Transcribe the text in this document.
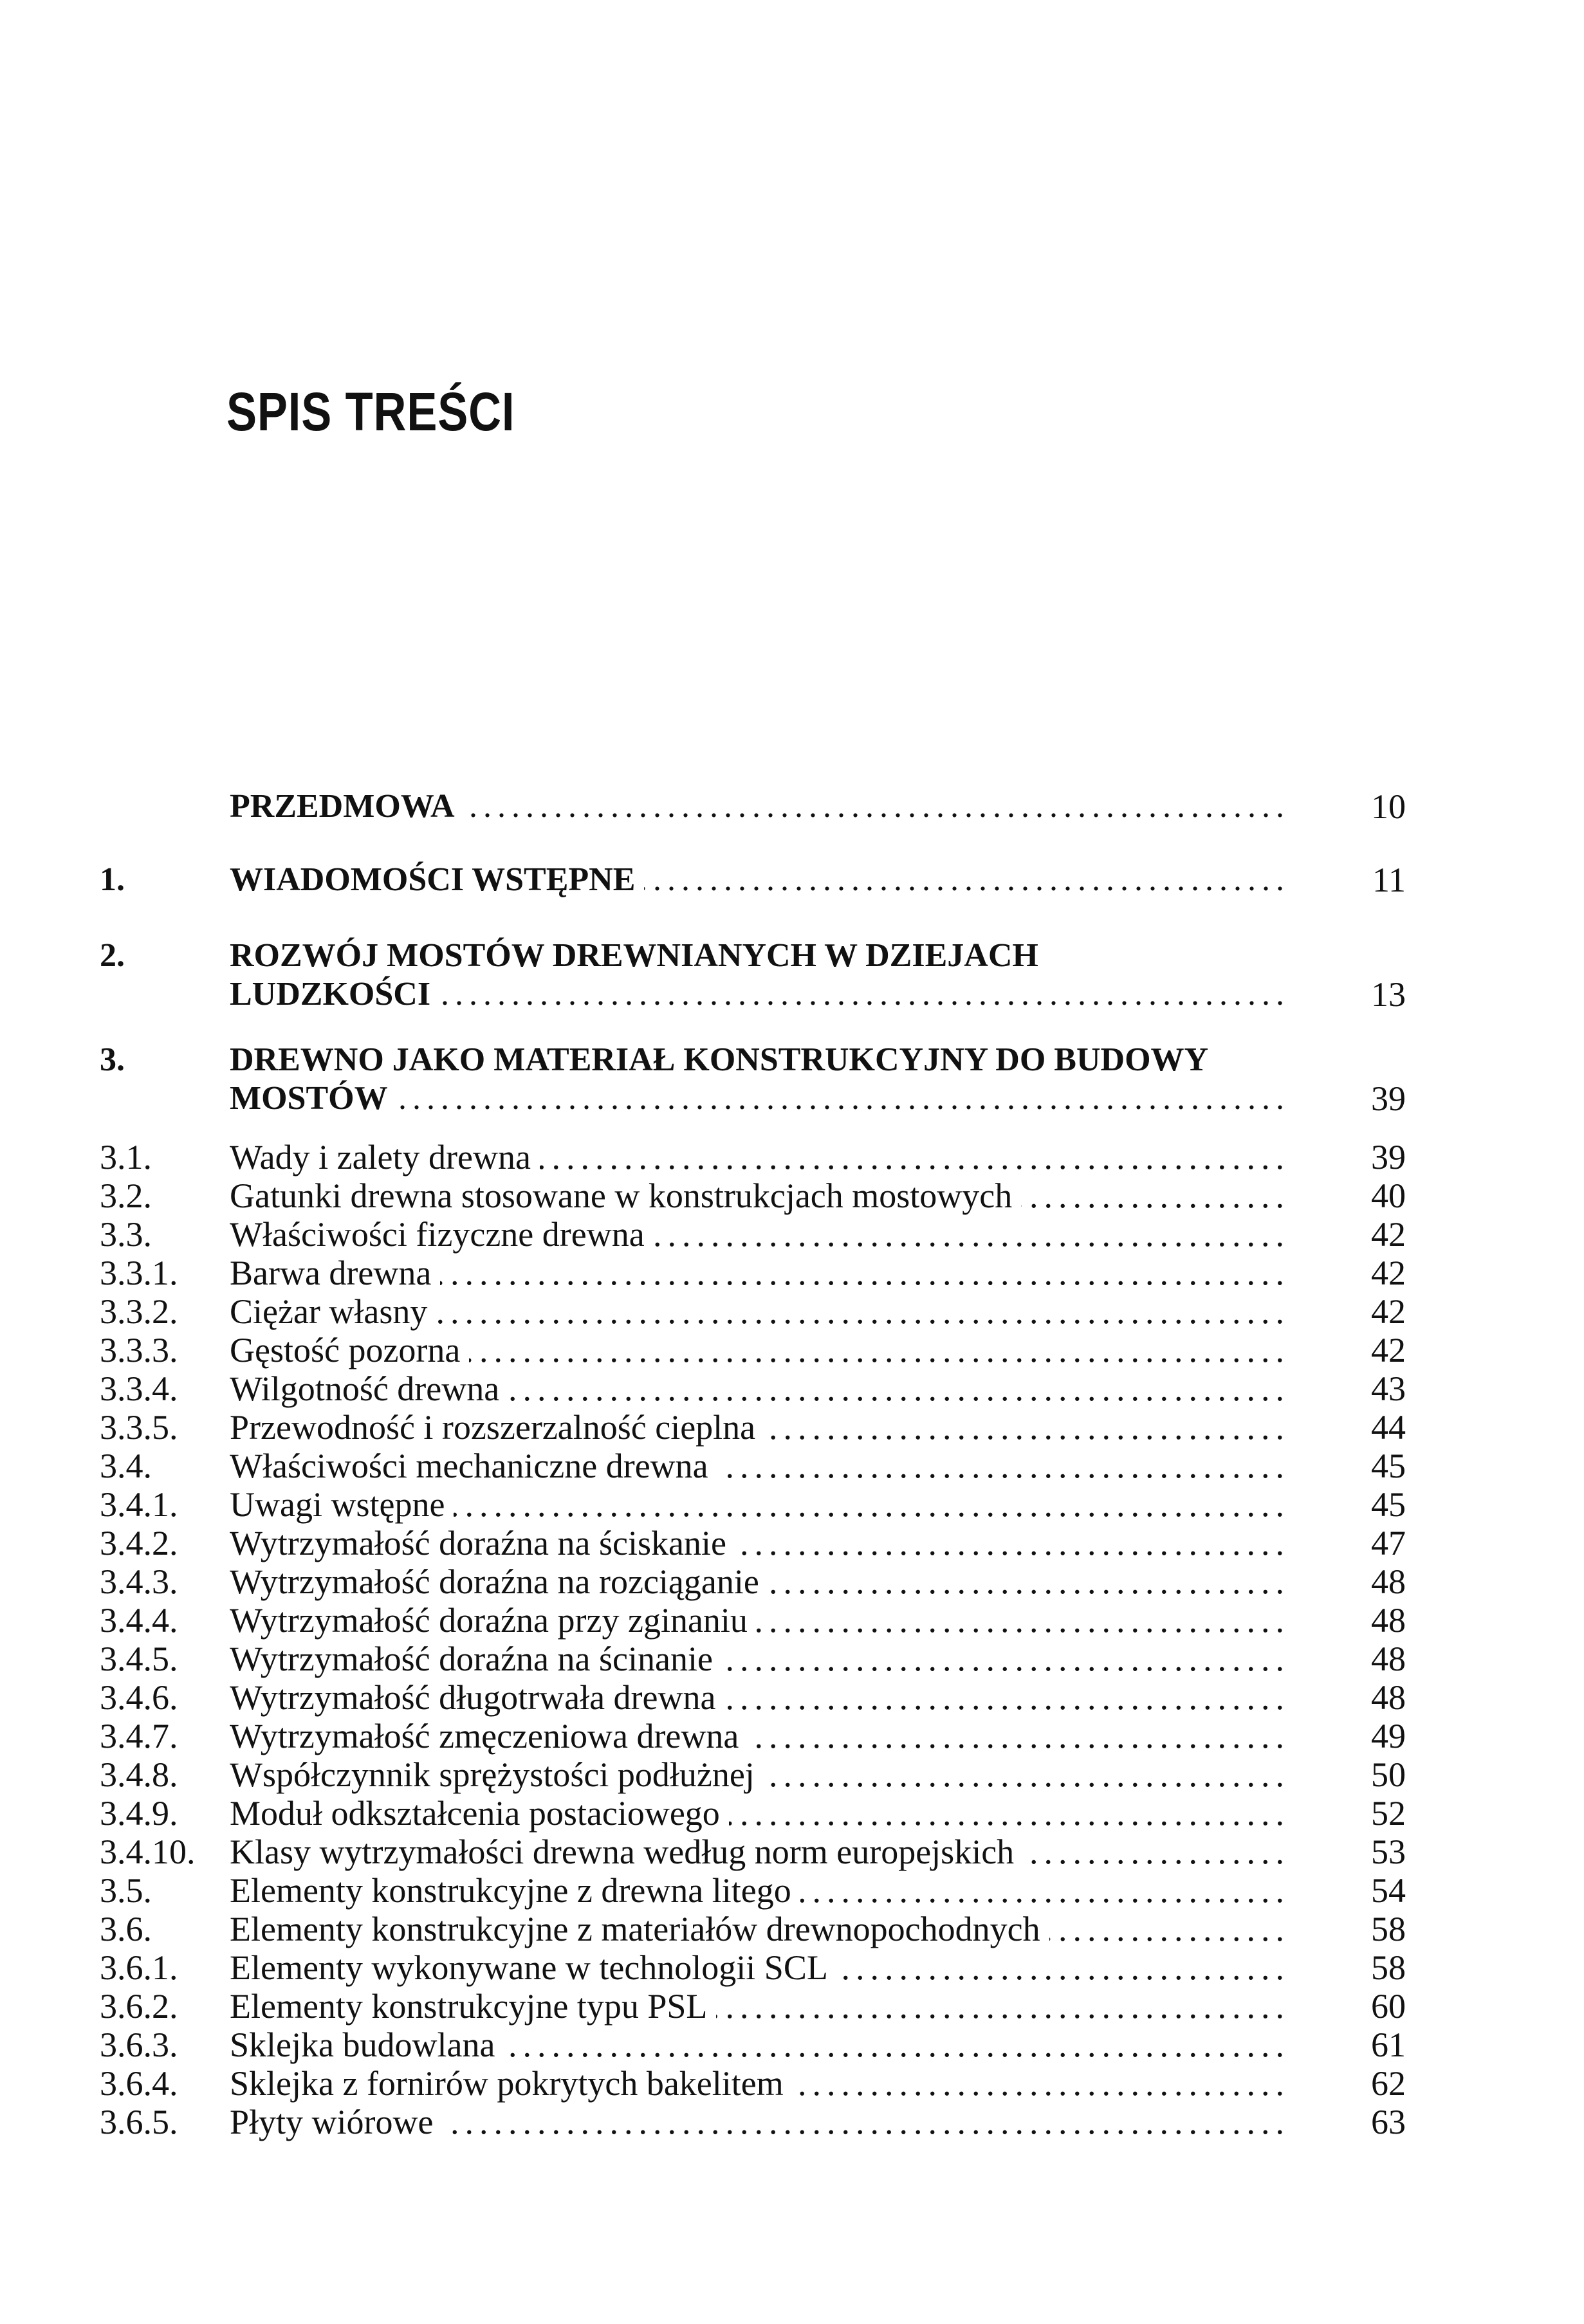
SPIS TREŚCI
PRZEDMOWA .....	10
1.	WIADOMOŚCI WSTĘPNE .....	11
2.	ROZWÓJ MOSTÓW DREWNIANYCH W DZIEJACH
LUDZKOŚCI .....	13
3.	DREWNO JAKO MATERIAŁ KONSTRUKCYJNY DO BUDOWY
MOSTÓW .....	39
3.1.	Wady i zalety drewna .....	39
3.2.	Gatunki drewna stosowane w konstrukcjach mostowych .....	40
3.3.	Właściwości fizyczne drewna .....	42
3.3.1.	Barwa drewna .....	42
3.3.2.	Ciężar własny .....	42
3.3.3.	Gęstość pozorna .....	42
3.3.4.	Wilgotność drewna .....	43
3.3.5.	Przewodność i rozszerzalność cieplna .....	44
3.4.	Właściwości mechaniczne drewna .....	45
3.4.1.	Uwagi wstępne .....	45
3.4.2.	Wytrzymałość doraźna na ściskanie .....	47
3.4.3.	Wytrzymałość doraźna na rozciąganie .....	48
3.4.4.	Wytrzymałość doraźna przy zginaniu .....	48
3.4.5.	Wytrzymałość doraźna na ścinanie .....	48
3.4.6.	Wytrzymałość długotrwała drewna .....	48
3.4.7.	Wytrzymałość zmęczeniowa drewna .....	49
3.4.8.	Współczynnik sprężystości podłużnej .....	50
3.4.9.	Moduł odkształcenia postaciowego .....	52
3.4.10. Klasy wytrzymałości drewna według norm europejskich .....	53
3.5.	Elementy konstrukcyjne z drewna litego .....	54
3.6.	Elementy konstrukcyjne z materiałów drewnopochodnych .....	58
3.6.1.	Elementy wykonywane w technologii SCL .....	58
3.6.2.	Elementy konstrukcyjne typu PSL .....	60
3.6.3.	Sklejka budowlana .....	61
3.6.4.	Sklejka z fornirów pokrytych bakelitem .....	62
3.6.5.	Płyty wiórowe .....	63
